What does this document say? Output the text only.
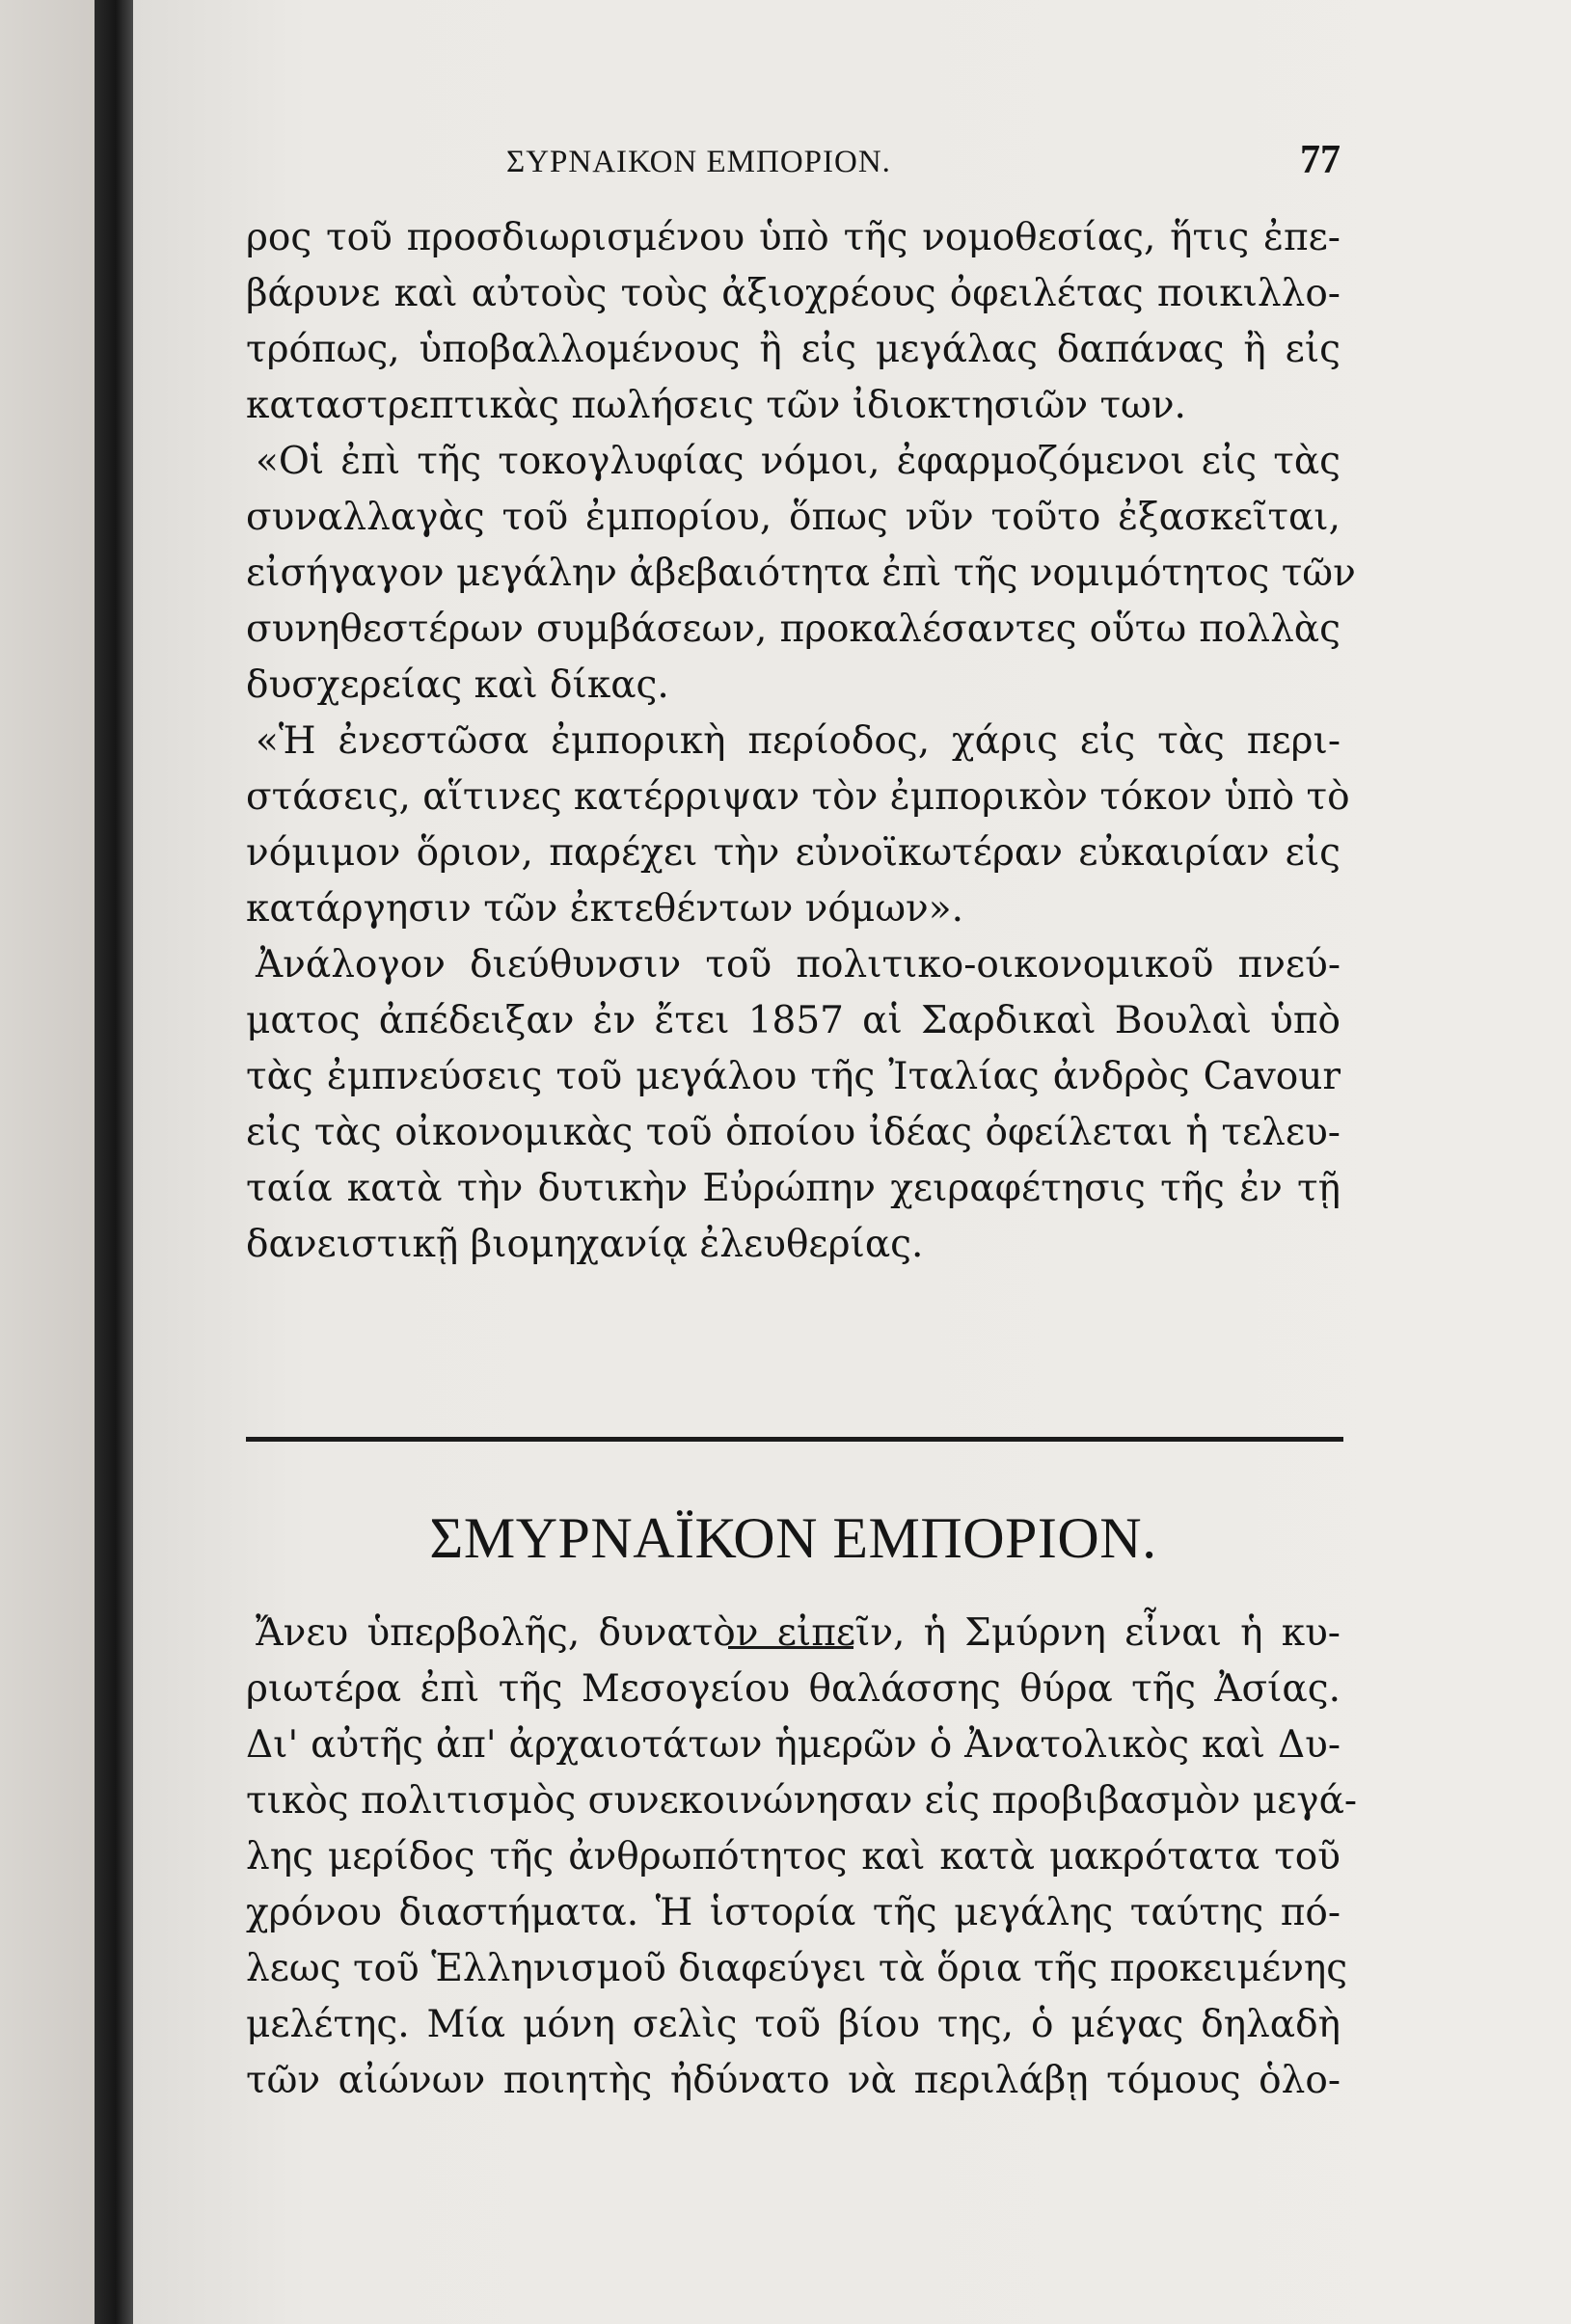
ΣΥΡΝΑΙΚΟΝ ΕΜΠΟΡΙΟΝ.	77
ρος τοῦ προσδιωρισμένου ὑπὸ τῆς νομοθεσίας, ἥτις ἐπε-
βάρυνε καὶ αὐτοὺς τοὺς ἀξιοχρέους ὀφειλέτας ποικιλλο-
τρόπως, ὑποβαλλομένους ἢ εἰς μεγάλας δαπάνας ἢ εἰς
καταστρεπτικὰς πωλήσεις τῶν ἰδιοκτησιῶν των.
«Οἱ ἐπὶ τῆς τοκογλυφίας νόμοι, ἐφαρμοζόμενοι εἰς τὰς
συναλλαγὰς τοῦ ἐμπορίου, ὅπως νῦν τοῦτο ἐξασκεῖται,
εἰσήγαγον μεγάλην ἀβεβαιότητα ἐπὶ τῆς νομιμότητος τῶν
συνηθεστέρων συμβάσεων, προκαλέσαντες οὕτω πολλὰς
δυσχερείας καὶ δίκας.
«Ἡ ἐνεστῶσα ἐμπορικὴ περίοδος, χάρις εἰς τὰς περι-
στάσεις, αἵτινες κατέρριψαν τὸν ἐμπορικὸν τόκον ὑπὸ τὸ
νόμιμον ὅριον, παρέχει τὴν εὐνοϊκωτέραν εὐκαιρίαν εἰς
κατάργησιν τῶν ἐκτεθέντων νόμων».
Ἀνάλογον διεύθυνσιν τοῦ πολιτικο-οικονομικοῦ πνεύ-
ματος ἀπέδειξαν ἐν ἔτει 1857 αἱ Σαρδικαὶ Βουλαὶ ὑπὸ
τὰς ἐμπνεύσεις τοῦ μεγάλου τῆς Ἰταλίας ἀνδρὸς Cavour
εἰς τὰς οἰκονομικὰς τοῦ ὁποίου ἰδέας ὀφείλεται ἡ τελευ-
ταία κατὰ τὴν δυτικὴν Εὐρώπην χειραφέτησις τῆς ἐν τῇ
δανειστικῇ βιομηχανίᾳ ἐλευθερίας.
ΣΜΥΡΝΑΪΚΟΝ ΕΜΠΟΡΙΟΝ.
Ἄνευ ὑπερβολῆς, δυνατὸν εἰπεῖν, ἡ Σμύρνη εἶναι ἡ κυ-
ριωτέρα ἐπὶ τῆς Μεσογείου θαλάσσης θύρα τῆς Ἀσίας.
Δι' αὐτῆς ἀπ' ἀρχαιοτάτων ἡμερῶν ὁ Ἀνατολικὸς καὶ Δυ-
τικὸς πολιτισμὸς συνεκοινώνησαν εἰς προβιβασμὸν μεγά-
λης μερίδος τῆς ἀνθρωπότητος καὶ κατὰ μακρότατα τοῦ
χρόνου διαστήματα. Ἡ ἱστορία τῆς μεγάλης ταύτης πό-
λεως τοῦ Ἑλληνισμοῦ διαφεύγει τὰ ὅρια τῆς προκειμένης
μελέτης. Μία μόνη σελὶς τοῦ βίου της, ὁ μέγας δηλαδὴ
τῶν αἰώνων ποιητὴς ἠδύνατο νὰ περιλάβῃ τόμους ὁλο-
